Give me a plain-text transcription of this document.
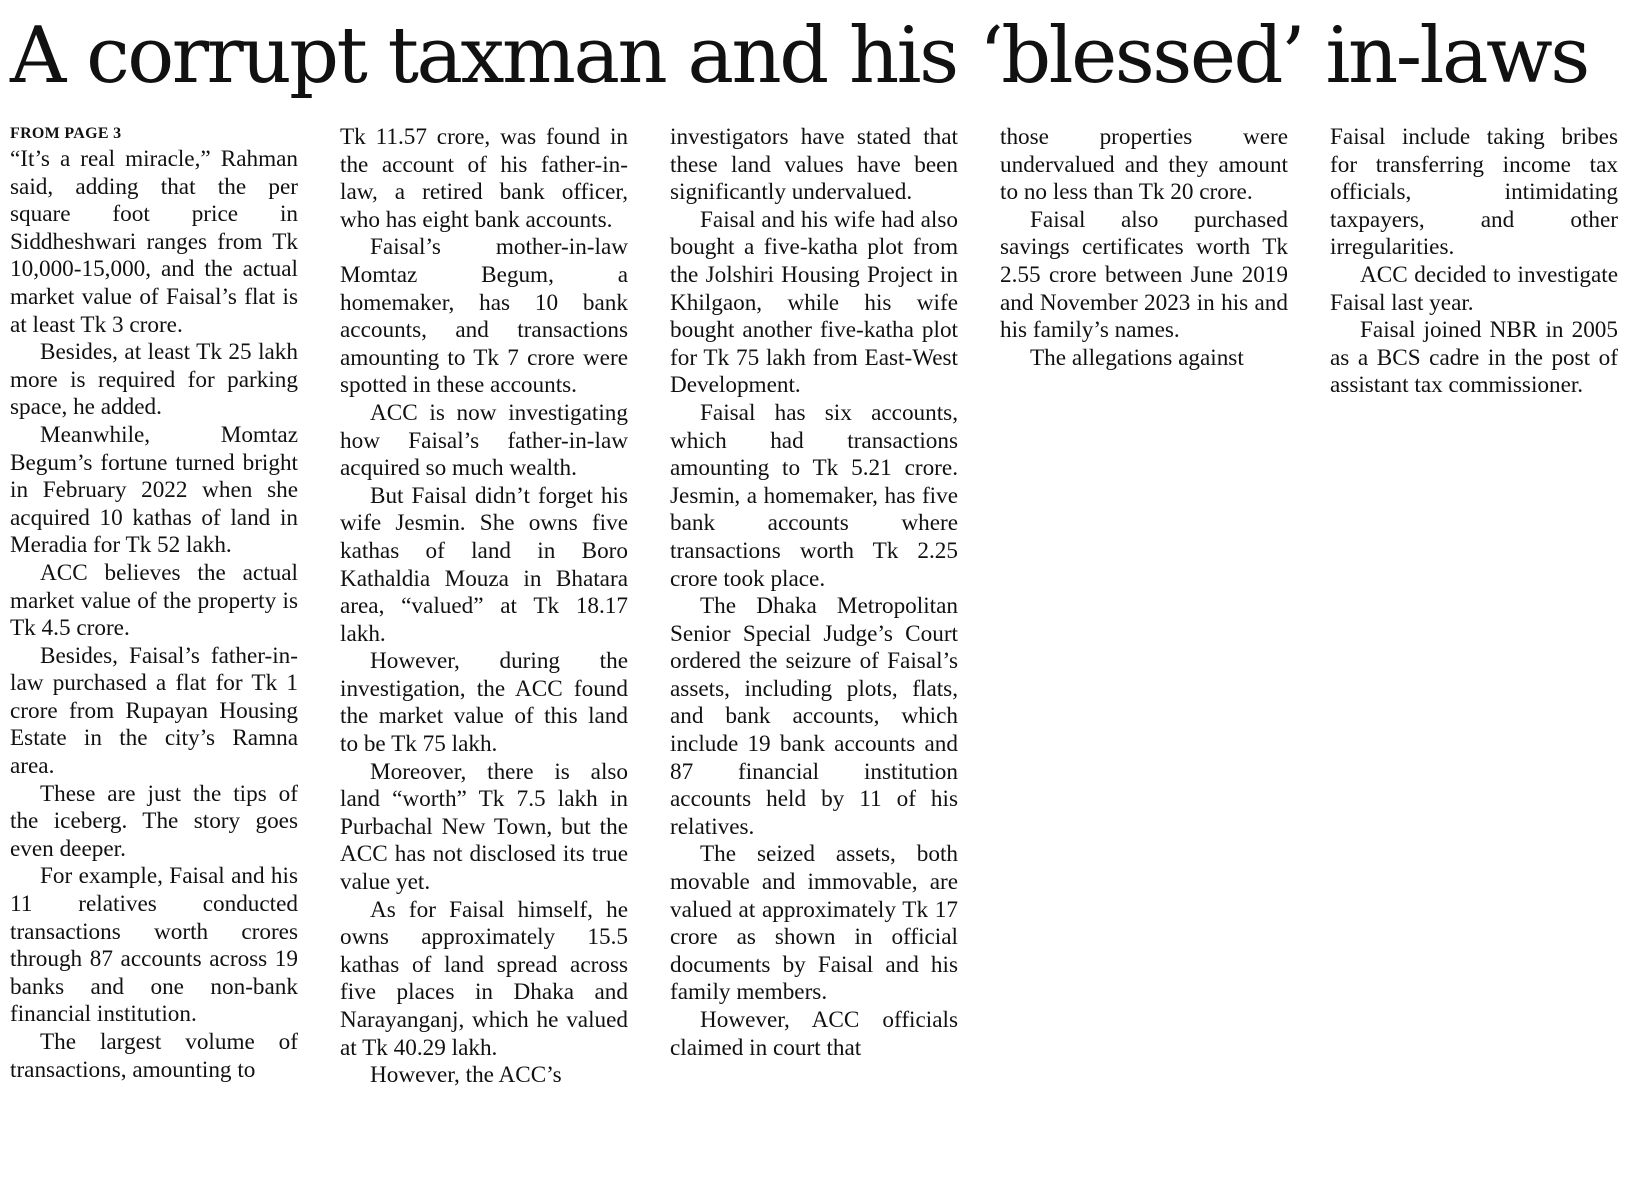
A corrupt taxman and his ‘blessed’ in-laws
FROM PAGE 3

“It’s a real miracle,” Rahman said, adding that the per square foot price in Siddheshwari ranges from Tk 10,000-15,000, and the actual market value of Faisal’s flat is at least Tk 3 crore.

Besides, at least Tk 25 lakh more is required for parking space, he added.

Meanwhile, Momtaz Begum’s fortune turned bright in February 2022 when she acquired 10 kathas of land in Meradia for Tk 52 lakh.

ACC believes the actual market value of the property is Tk 4.5 crore.

Besides, Faisal’s father-in-law purchased a flat for Tk 1 crore from Rupayan Housing Estate in the city’s Ramna area.

These are just the tips of the iceberg. The story goes even deeper.

For example, Faisal and his 11 relatives conducted transactions worth crores through 87 accounts across 19 banks and one non-bank financial institution.

The largest volume of transactions, amounting to

Tk 11.57 crore, was found in the account of his father-in-law, a retired bank officer, who has eight bank accounts.

Faisal’s mother-in-law Momtaz Begum, a homemaker, has 10 bank accounts, and transactions amounting to Tk 7 crore were spotted in these accounts.

ACC is now investigating how Faisal’s father-in-law acquired so much wealth.

But Faisal didn’t forget his wife Jesmin. She owns five kathas of land in Boro Kathaldia Mouza in Bhatara area, “valued” at Tk 18.17 lakh.

However, during the investigation, the ACC found the market value of this land to be Tk 75 lakh.

Moreover, there is also land “worth” Tk 7.5 lakh in Purbachal New Town, but the ACC has not disclosed its true value yet.

As for Faisal himself, he owns approximately 15.5 kathas of land spread across five places in Dhaka and Narayanganj, which he valued at Tk 40.29 lakh.

However, the ACC’s

investigators have stated that these land values have been significantly undervalued.

Faisal and his wife had also bought a five-katha plot from the Jolshiri Housing Project in Khilgaon, while his wife bought another five-katha plot for Tk 75 lakh from East-West Development.

Faisal has six accounts, which had transactions amounting to Tk 5.21 crore. Jesmin, a homemaker, has five bank accounts where transactions worth Tk 2.25 crore took place.

The Dhaka Metropolitan Senior Special Judge’s Court ordered the seizure of Faisal’s assets, including plots, flats, and bank accounts, which include 19 bank accounts and 87 financial institution accounts held by 11 of his relatives.

The seized assets, both movable and immovable, are valued at approximately Tk 17 crore as shown in official documents by Faisal and his family members.

However, ACC officials claimed in court that

those properties were undervalued and they amount to no less than Tk 20 crore.

Faisal also purchased savings certificates worth Tk 2.55 crore between June 2019 and November 2023 in his and his family’s names.

The allegations against

Faisal include taking bribes for transferring income tax officials, intimidating taxpayers, and other irregularities.

ACC decided to investigate Faisal last year.

Faisal joined NBR in 2005 as a BCS cadre in the post of assistant tax commissioner.
